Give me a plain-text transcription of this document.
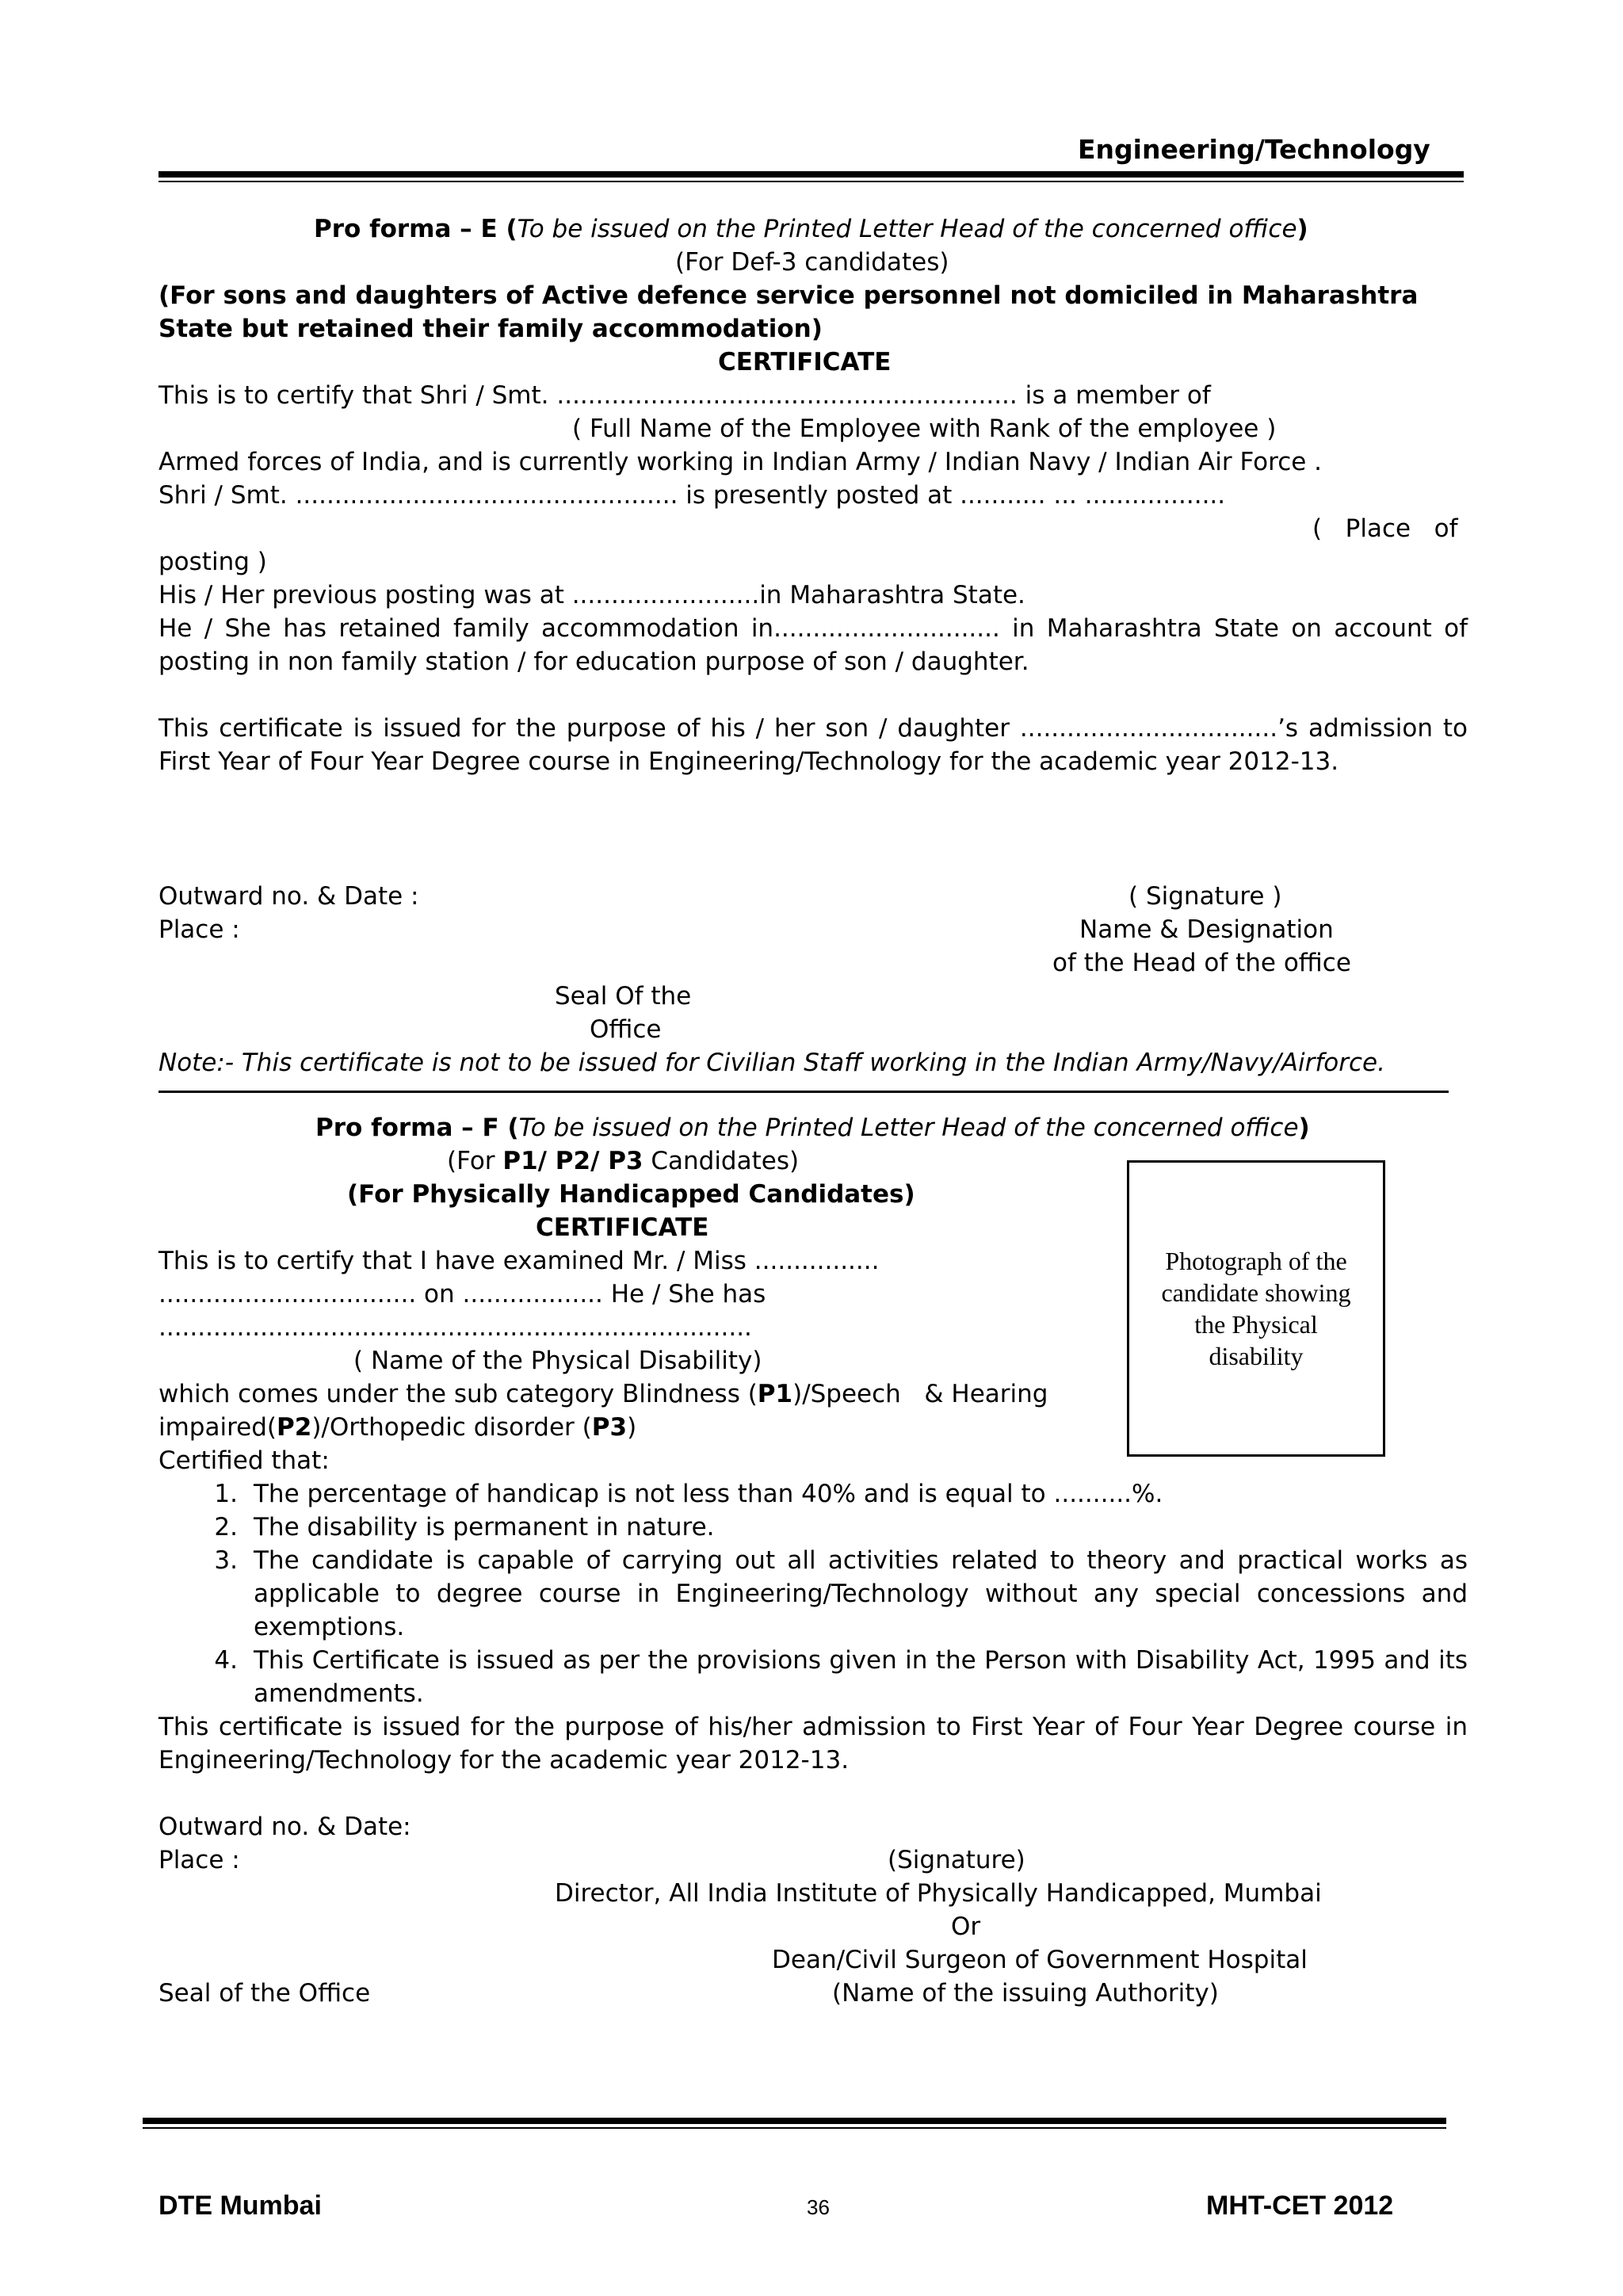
Engineering/Technology
Pro forma – E (To be issued on the Printed Letter Head of the concerned office)
(For Def-3 candidates)
(For sons and daughters of Active defence service personnel not domiciled in Maharashtra
State but retained their family accommodation)
CERTIFICATE
This is to certify that Shri / Smt. ........................................................... is a member of
( Full Name of the Employee with Rank of the employee )
Armed forces of India, and is currently working in Indian Army / Indian Navy / Indian Air Force .
Shri / Smt. ................................................. is presently posted at ........... ... ..................
(   Place   of
posting )
His / Her previous posting was at ........................in Maharashtra State.
He / She has retained family accommodation in............................. in Maharashtra State on account of
posting in non family station / for education purpose of son / daughter.
This certificate is issued for the purpose of his / her son / daughter .................................’s admission to
First Year of Four Year Degree course in Engineering/Technology for the academic year 2012-13.
Outward no. & Date :
Place :
( Signature )
Name & Designation
of the Head of the office
Seal Of the
Office
Note:- This certificate is not to be issued for Civilian Staff working in the Indian Army/Navy/Airforce.
Pro forma – F (To be issued on the Printed Letter Head of the concerned office)
(For P1/ P2/ P3 Candidates)
(For Physically Handicapped Candidates)
CERTIFICATE
This is to certify that I have examined Mr. / Miss ................
................................. on .................. He / She has
............................................................................
( Name of the Physical Disability)
which comes under the sub category Blindness (P1)/Speech   & Hearing
impaired(P2)/Orthopedic disorder (P3)
Certified that:
Photograph of the candidate showing the Physical disability
1. The percentage of handicap is not less than 40% and is equal to ..........%.
2. The disability is permanent in nature.
3. The candidate is capable of carrying out all activities related to theory and practical works as
applicable to degree course in Engineering/Technology without any special concessions and
exemptions.
4. This Certificate is issued as per the provisions given in the Person with Disability Act, 1995 and its
amendments.
This certificate is issued for the purpose of his/her admission to First Year of Four Year Degree course in
Engineering/Technology for the academic year 2012-13.
Outward no. & Date:
Place :	(Signature)
Director, All India Institute of Physically Handicapped, Mumbai
Or
Dean/Civil Surgeon of Government Hospital
Seal of the Office	(Name of the issuing Authority)
DTE Mumbai	36	MHT-CET 2012
